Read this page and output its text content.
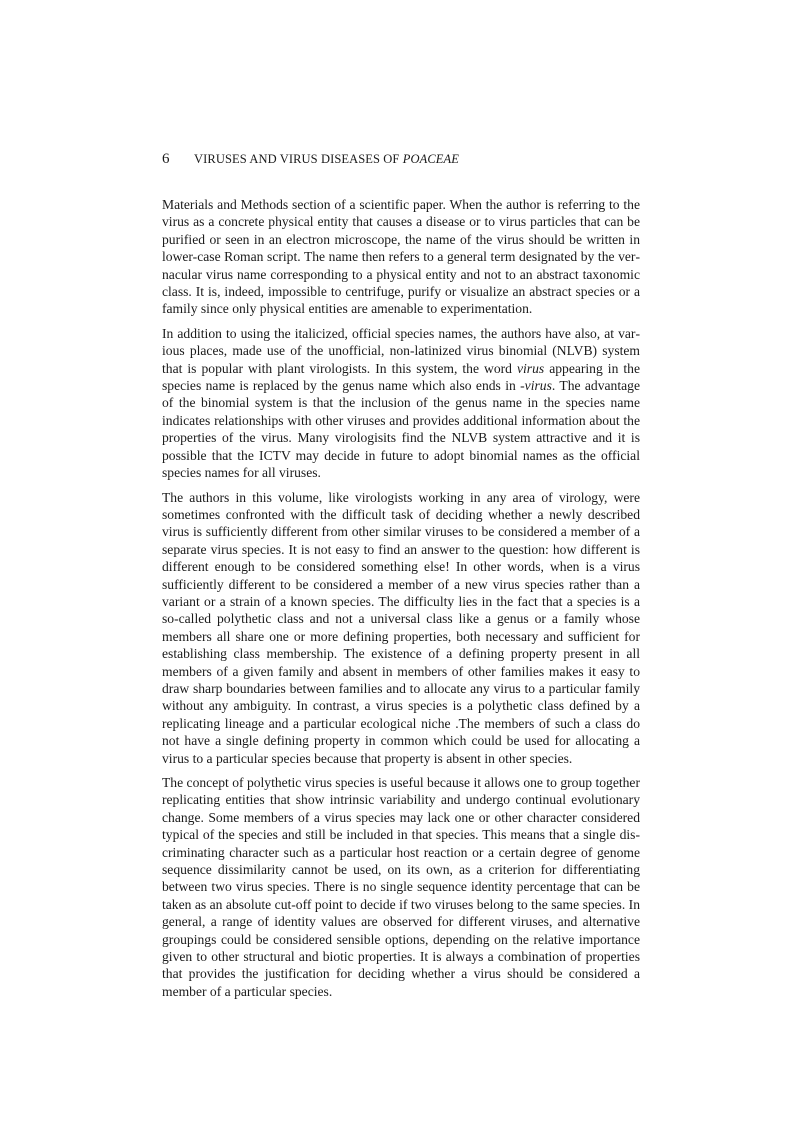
6 VIRUSES AND VIRUS DISEASES OF POACEAE

Materials and Methods section of a scientific paper. When the author is referring to the virus as a concrete physical entity that causes a disease or to virus particles that can be purified or seen in an electron microscope, the name of the virus should be written in lower-case Roman script. The name then refers to a general term designated by the vernacular virus name corresponding to a physical entity and not to an abstract taxonomic class. It is, indeed, impossible to centrifuge, purify or visualize an abstract species or a family since only physical entities are amenable to experimentation.

In addition to using the italicized, official species names, the authors have also, at various places, made use of the unofficial, non-latinized virus binomial (NLVB) system that is popular with plant virologists. In this system, the word virus appearing in the species name is replaced by the genus name which also ends in -virus. The advantage of the binomial system is that the inclusion of the genus name in the species name indicates relationships with other viruses and provides additional information about the properties of the virus. Many virologisits find the NLVB system attractive and it is possible that the ICTV may decide in future to adopt binomial names as the official species names for all viruses.

The authors in this volume, like virologists working in any area of virology, were sometimes confronted with the difficult task of deciding whether a newly described virus is sufficiently different from other similar viruses to be considered a member of a separate virus species. It is not easy to find an answer to the question: how different is different enough to be considered something else! In other words, when is a virus sufficiently different to be considered a member of a new virus species rather than a variant or a strain of a known species. The difficulty lies in the fact that a species is a so-called polythetic class and not a universal class like a genus or a family whose members all share one or more defining properties, both necessary and sufficient for establishing class membership. The existence of a defining property present in all members of a given family and absent in members of other families makes it easy to draw sharp boundaries between families and to allocate any virus to a particular family without any ambiguity. In contrast, a virus species is a polythetic class defined by a replicating lineage and a particular ecological niche .The members of such a class do not have a single defining property in common which could be used for allocating a virus to a particular species because that property is absent in other species.

The concept of polythetic virus species is useful because it allows one to group together replicating entities that show intrinsic variability and undergo continual evolutionary change. Some members of a virus species may lack one or other character considered typical of the species and still be included in that species. This means that a single discriminating character such as a particular host reaction or a certain degree of genome sequence dissimilarity cannot be used, on its own, as a criterion for differentiating between two virus species. There is no single sequence identity percentage that can be taken as an absolute cut-off point to decide if two viruses belong to the same species. In general, a range of identity values are observed for different viruses, and alternative groupings could be considered sensible options, depending on the relative importance given to other structural and biotic properties. It is always a combination of properties that provides the justification for deciding whether a virus should be considered a member of a particular species.
